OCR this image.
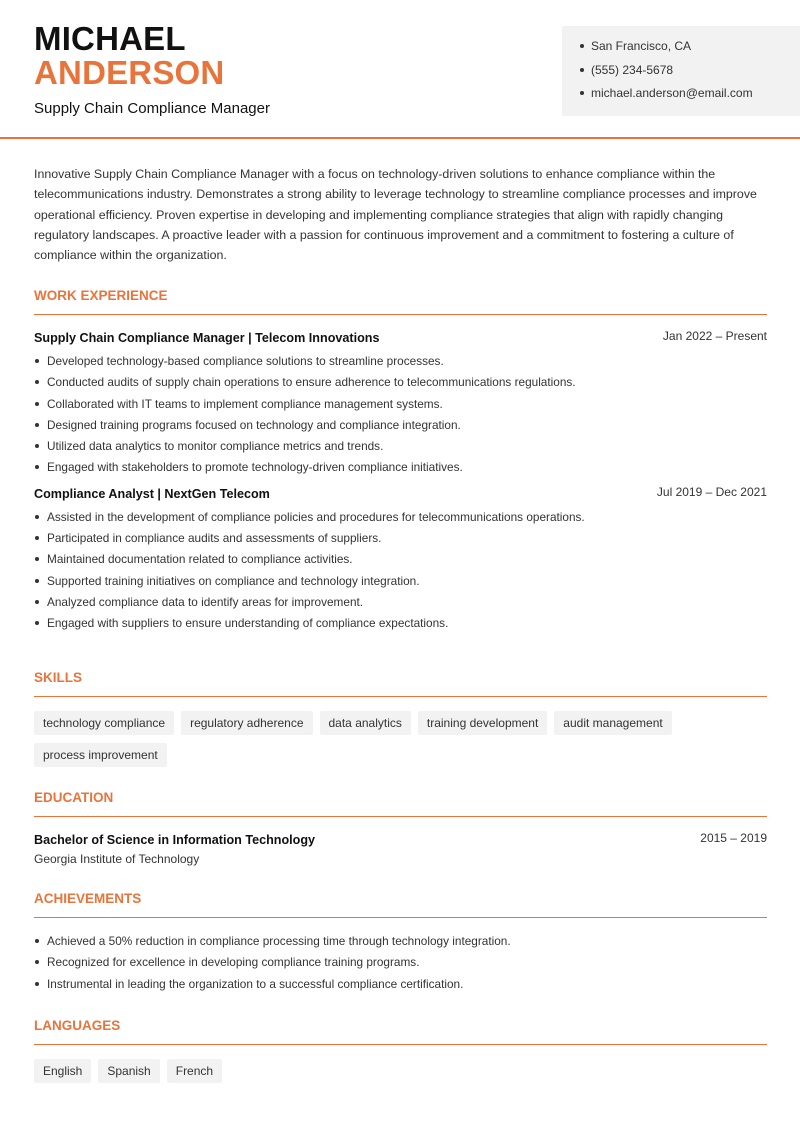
MICHAEL
ANDERSON
Supply Chain Compliance Manager
San Francisco, CA
(555) 234-5678
michael.anderson@email.com

Innovative Supply Chain Compliance Manager with a focus on technology-driven solutions to enhance compliance within the telecommunications industry. Demonstrates a strong ability to leverage technology to streamline compliance processes and improve operational efficiency. Proven expertise in developing and implementing compliance strategies that align with rapidly changing regulatory landscapes. A proactive leader with a passion for continuous improvement and a commitment to fostering a culture of compliance within the organization.

WORK EXPERIENCE
Supply Chain Compliance Manager | Telecom Innovations	Jan 2022 – Present
Developed technology-based compliance solutions to streamline processes.
Conducted audits of supply chain operations to ensure adherence to telecommunications regulations.
Collaborated with IT teams to implement compliance management systems.
Designed training programs focused on technology and compliance integration.
Utilized data analytics to monitor compliance metrics and trends.
Engaged with stakeholders to promote technology-driven compliance initiatives.
Compliance Analyst | NextGen Telecom	Jul 2019 – Dec 2021
Assisted in the development of compliance policies and procedures for telecommunications operations.
Participated in compliance audits and assessments of suppliers.
Maintained documentation related to compliance activities.
Supported training initiatives on compliance and technology integration.
Analyzed compliance data to identify areas for improvement.
Engaged with suppliers to ensure understanding of compliance expectations.
SKILLS
technology compliance	regulatory adherence	data analytics	training development	audit management
process improvement
EDUCATION
Bachelor of Science in Information Technology	2015 – 2019
Georgia Institute of Technology
ACHIEVEMENTS
Achieved a 50% reduction in compliance processing time through technology integration.
Recognized for excellence in developing compliance training programs.
Instrumental in leading the organization to a successful compliance certification.
LANGUAGES
English	Spanish	French
